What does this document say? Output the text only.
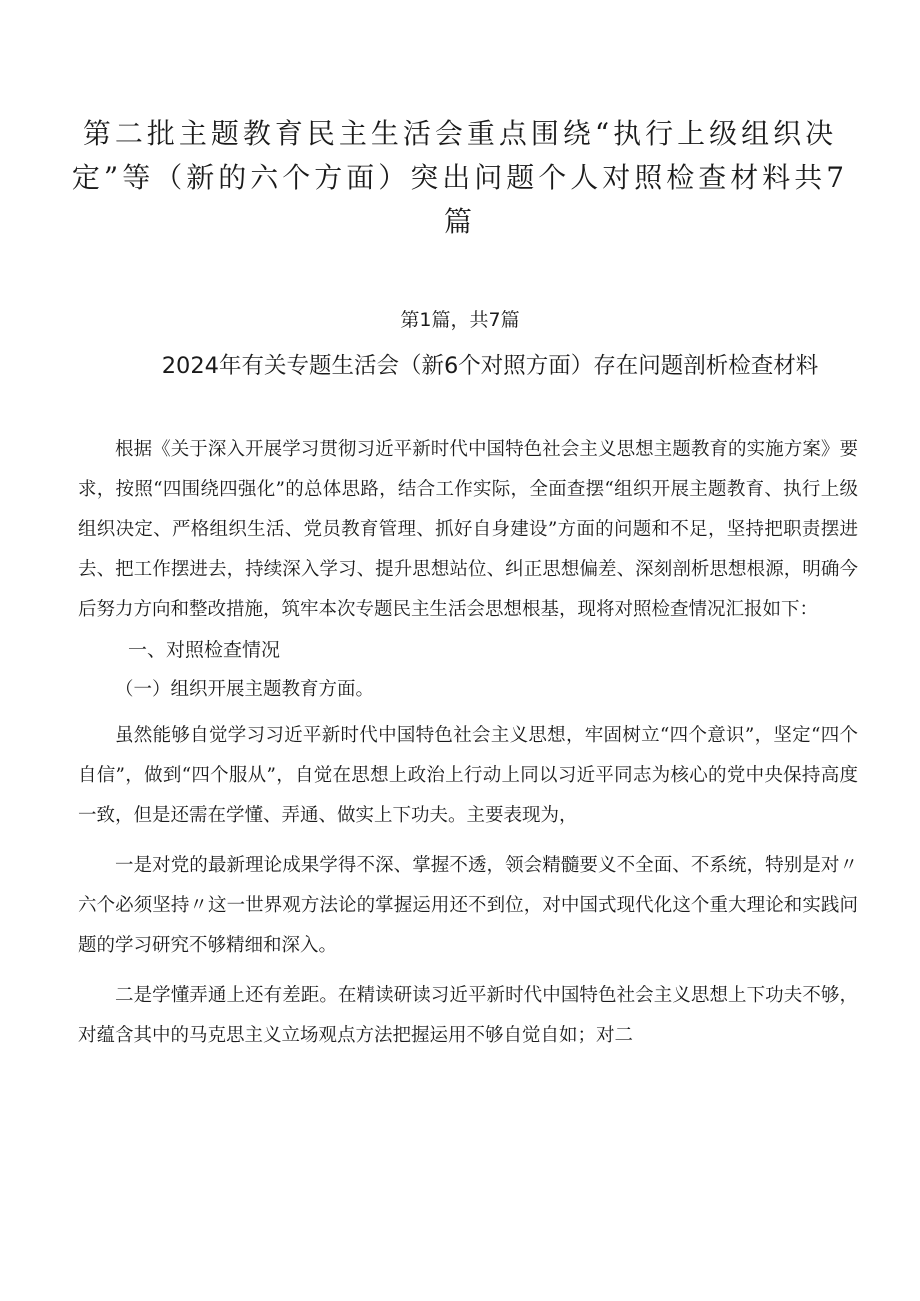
第二批主题教育民主生活会重点围绕“执行上级组织决定”等（新的六个方面）突出问题个人对照检查材料共7篇
第1篇，共7篇
2024年有关专题生活会（新6个对照方面）存在问题剖析检查材料

根据《关于深入开展学习贯彻习近平新时代中国特色社会主义思想主题教育的实施方案》要求，按照“四围绕四强化”的总体思路，结合工作实际，全面查摆“组织开展主题教育、执行上级组织决定、严格组织生活、党员教育管理、抓好自身建设”方面的问题和不足，坚持把职责摆进去、把工作摆进去，持续深入学习、提升思想站位、纠正思想偏差、深刻剖析思想根源，明确今后努力方向和整改措施，筑牢本次专题民主生活会思想根基，现将对照检查情况汇报如下：

一、对照检查情况

（一）组织开展主题教育方面。

虽然能够自觉学习习近平新时代中国特色社会主义思想，牢固树立“四个意识”，坚定“四个自信”，做到“四个服从”，自觉在思想上政治上行动上同以习近平同志为核心的党中央保持高度一致，但是还需在学懂、弄通、做实上下功夫。主要表现为，

一是对党的最新理论成果学得不深、掌握不透，领会精髓要义不全面、不系统，特别是对〃六个必须坚持〃这一世界观方法论的掌握运用还不到位，对中国式现代化这个重大理论和实践问题的学习研究不够精细和深入。

二是学懂弄通上还有差距。在精读研读习近平新时代中国特色社会主义思想上下功夫不够，对蕴含其中的马克思主义立场观点方法把握运用不够自觉自如；对二
